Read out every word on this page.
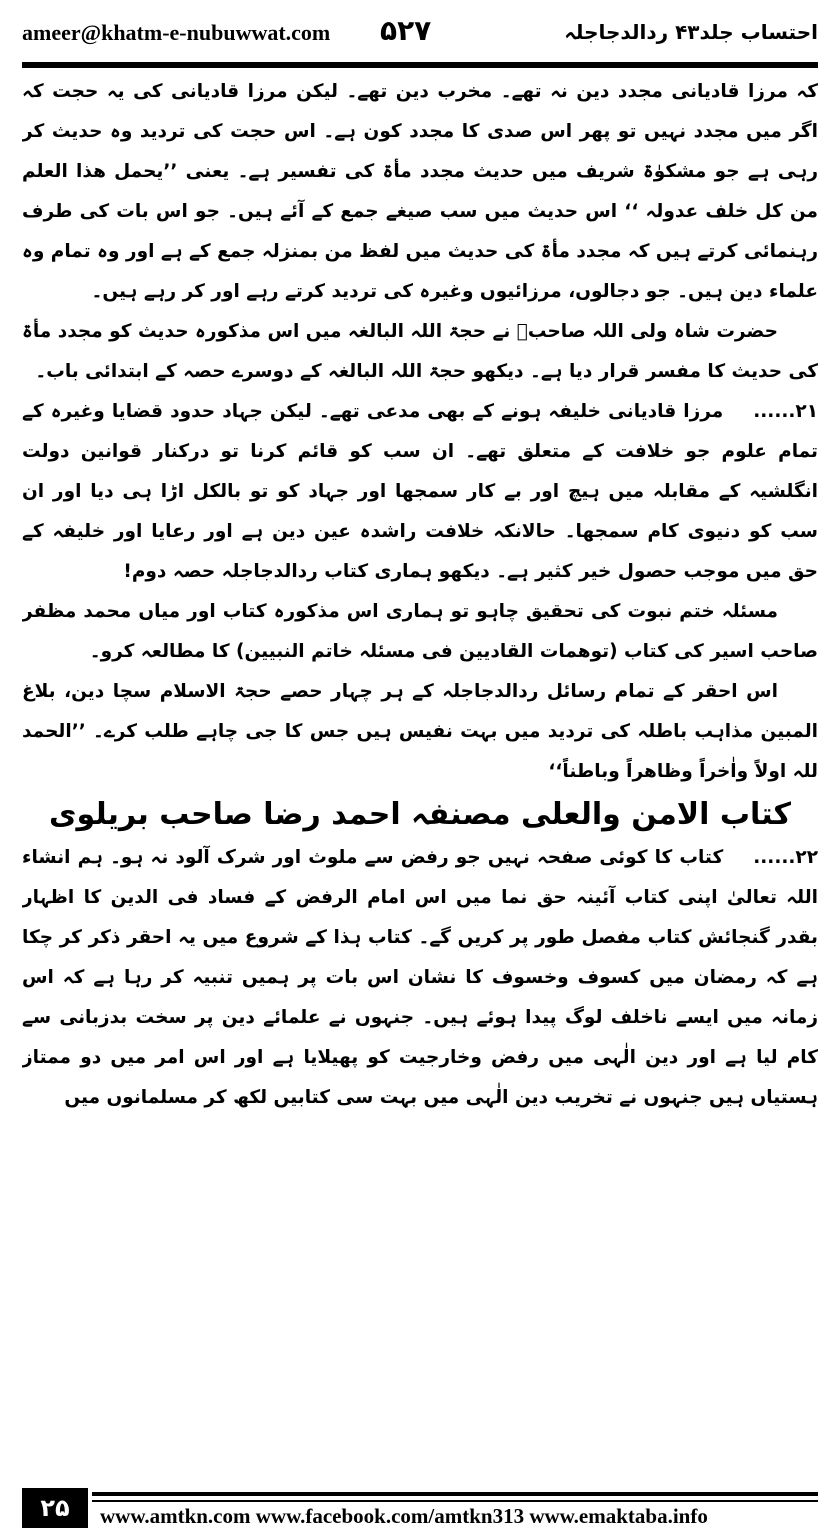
ameer@khatm-e-nubuwwat.com ۵۲۷	احتساب جلد۴۳ ردالدجاجلہ

کہ مرزا قادیانی مجدد دین نہ تھے۔ مخرب دین تھے۔ لیکن مرزا قادیانی کی یہ حجت کہ اگر میں مجدد نہیں تو پھر اس صدی کا مجدد کون ہے۔ اس حجت کی تردید وہ حدیث کر رہی ہے جو مشکوٰۃ شریف میں حدیث مجدد مأۃ کی تفسیر ہے۔ یعنی ’’یحمل ھذا العلم من کل خلف عدولہ ‘‘ اس حدیث میں سب صیغے جمع کے آئے ہیں۔ جو اس بات کی طرف رہنمائی کرتے ہیں کہ مجدد مأۃ کی حدیث میں لفظ من بمنزلہ جمع کے ہے اور وہ تمام وہ علماء دین ہیں۔ جو دجالوں، مرزائیوں وغیرہ کی تردید کرتے رہے اور کر رہے ہیں۔

حضرت شاہ ولی اللہ صاحبؒ نے حجۃ اللہ البالغہ میں اس مذکورہ حدیث کو مجدد مأۃ کی حدیث کا مفسر قرار دیا ہے۔ دیکھو حجۃ اللہ البالغہ کے دوسرے حصہ کے ابتدائی باب۔

۲۱......مرزا قادیانی خلیفہ ہونے کے بھی مدعی تھے۔ لیکن جہاد حدود قضایا وغیرہ کے تمام علوم جو خلافت کے متعلق تھے۔ ان سب کو قائم کرنا تو درکنار قوانین دولت انگلشیہ کے مقابلہ میں ہیچ اور بے کار سمجھا اور جہاد کو تو بالکل اڑا ہی دیا اور ان سب کو دنیوی کام سمجھا۔ حالانکہ خلافت راشدہ عین دین ہے اور رعایا اور خلیفہ کے حق میں موجب حصول خیر کثیر ہے۔ دیکھو ہماری کتاب ردالدجاجلہ حصہ دوم!

مسئلہ ختم نبوت کی تحقیق چاہو تو ہماری اس مذکورہ کتاب اور میاں محمد مظفر صاحب اسیر کی کتاب (توھمات القادیین فی مسئلہ خاتم النبیین) کا مطالعہ کرو۔

اس احقر کے تمام رسائل ردالدجاجلہ کے ہر چہار حصے حجۃ الاسلام سچا دین، بلاغ المبین مذاہب باطلہ کی تردید میں بہت نفیس ہیں جس کا جی چاہے طلب کرے۔ ’’الحمد للہ اولاً واٰخراً وظاھراً وباطناً‘‘

کتاب الامن والعلی مصنفہ احمد رضا صاحب بریلوی

۲۲......کتاب کا کوئی صفحہ نہیں جو رفض سے ملوث اور شرک آلود نہ ہو۔ ہم انشاء اللہ تعالیٰ اپنی کتاب آئینہ حق نما میں اس امام الرفض کے فساد فی الدین کا اظہار بقدر گنجائش کتاب مفصل طور پر کریں گے۔ کتاب ہذا کے شروع میں یہ احقر ذکر کر چکا ہے کہ رمضان میں کسوف وخسوف کا نشان اس بات پر ہمیں تنبیہ کر رہا ہے کہ اس زمانہ میں ایسے ناخلف لوگ پیدا ہوئے ہیں۔ جنہوں نے علمائے دین پر سخت بدزبانی سے کام لیا ہے اور دین الٰہی میں رفض وخارجیت کو پھیلایا ہے اور اس امر میں دو ممتاز ہستیاں ہیں جنہوں نے تخریب دین الٰہی میں بہت سی کتابیں لکھ کر مسلمانوں میں

۲۵	www.amtkn.com www.facebook.com/amtkn313 www.emaktaba.info
